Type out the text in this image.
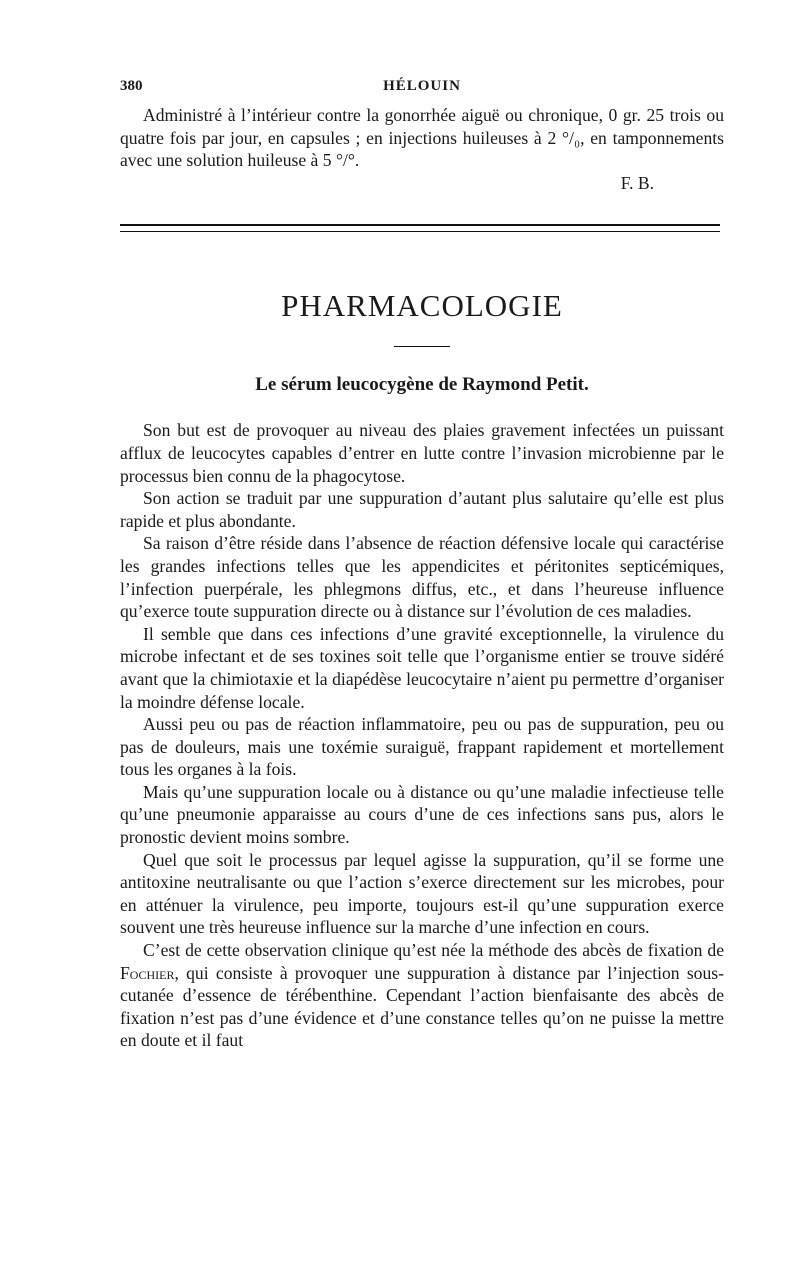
380	HÉLOUIN

Administré à l’intérieur contre la gonorrhée aiguë ou chronique, 0 gr. 25 trois ou quatre fois par jour, en capsules ; en injections huileuses à 2 °/₀, en tamponnements avec une solution huileuse à 5 °/°.

F. B.

PHARMACOLOGIE
Le sérum leucocygène de Raymond Petit.

Son but est de provoquer au niveau des plaies gravement infectées un puissant afflux de leucocytes capables d’entrer en lutte contre l’invasion microbienne par le processus bien connu de la phagocytose.

Son action se traduit par une suppuration d’autant plus salutaire qu’elle est plus rapide et plus abondante.

Sa raison d’être réside dans l’absence de réaction défensive locale qui caractérise les grandes infections telles que les appendicites et péritonites septicémiques, l’infection puerpérale, les phlegmons diffus, etc., et dans l’heureuse influence qu’exerce toute suppuration directe ou à distance sur l’évolution de ces maladies.

Il semble que dans ces infections d’une gravité exceptionnelle, la virulence du microbe infectant et de ses toxines soit telle que l’organisme entier se trouve sidéré avant que la chimiotaxie et la diapédèse leucocytaire n’aient pu permettre d’organiser la moindre défense locale.

Aussi peu ou pas de réaction inflammatoire, peu ou pas de suppuration, peu ou pas de douleurs, mais une toxémie suraiguë, frappant rapidement et mortellement tous les organes à la fois.

Mais qu’une suppuration locale ou à distance ou qu’une maladie infectieuse telle qu’une pneumonie apparaisse au cours d’une de ces infections sans pus, alors le pronostic devient moins sombre.

Quel que soit le processus par lequel agisse la suppuration, qu’il se forme une antitoxine neutralisante ou que l’action s’exerce directement sur les microbes, pour en atténuer la virulence, peu importe, toujours est-il qu’une suppuration exerce souvent une très heureuse influence sur la marche d’une infection en cours.

C’est de cette observation clinique qu’est née la méthode des abcès de fixation de Fochier, qui consiste à provoquer une suppuration à distance par l’injection sous-cutanée d’essence de térébenthine. Cependant l’action bienfaisante des abcès de fixation n’est pas d’une évidence et d’une constance telles qu’on ne puisse la mettre en doute et il faut
